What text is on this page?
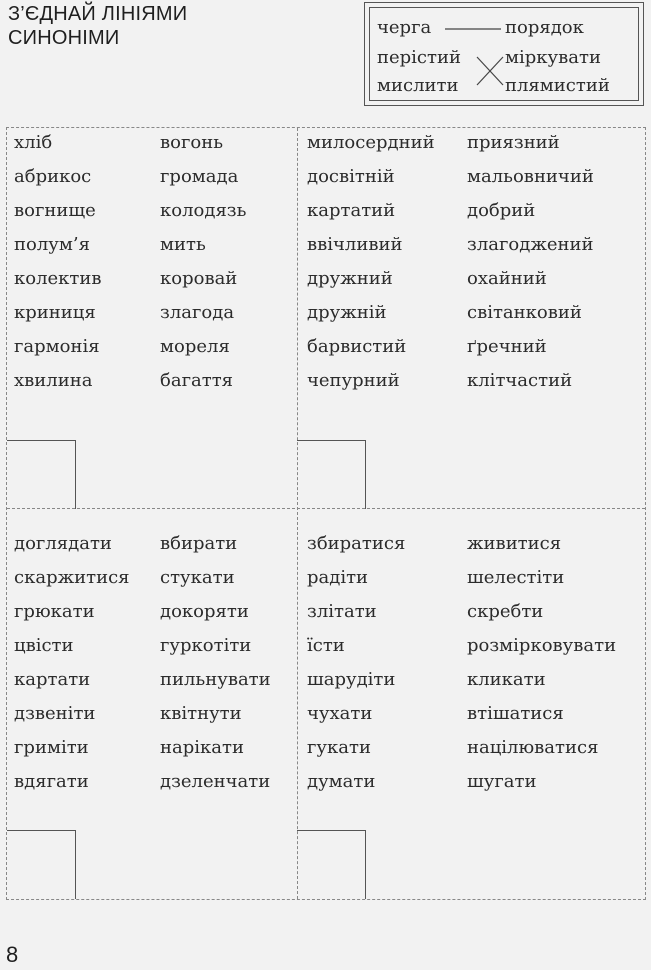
З’ЄДНАЙ ЛІНІЯМИ
СИНОНІМИ	черга
перістий
мислити
порядок
міркувати
плямистий
хліб
абрикос
вогнище
полум’я
колектив
криниця
гармонія
хвилина
вогонь
громада
колодязь
мить
коровай
злагода
мореля
багаття
милосердний
досвітній
картатий
ввічливий
дружний
дружній
барвистий
чепурний
приязний
мальовничий
добрий
злагоджений
охайний
світанковий
ґречний
клітчастий
доглядати
скаржитися
грюкати
цвісти
картати
дзвеніти
гриміти
вдягати
вбирати
стукати
докоряти
гуркотіти
пильнувати
квітнути
нарікати
дзеленчати
збиратися
радіти
злітати
їсти
шарудіти
чухати
гукати
думати
живитися
шелестіти
скребти
розмірковувати
кликати
втішатися
націлюватися
шугати
8
